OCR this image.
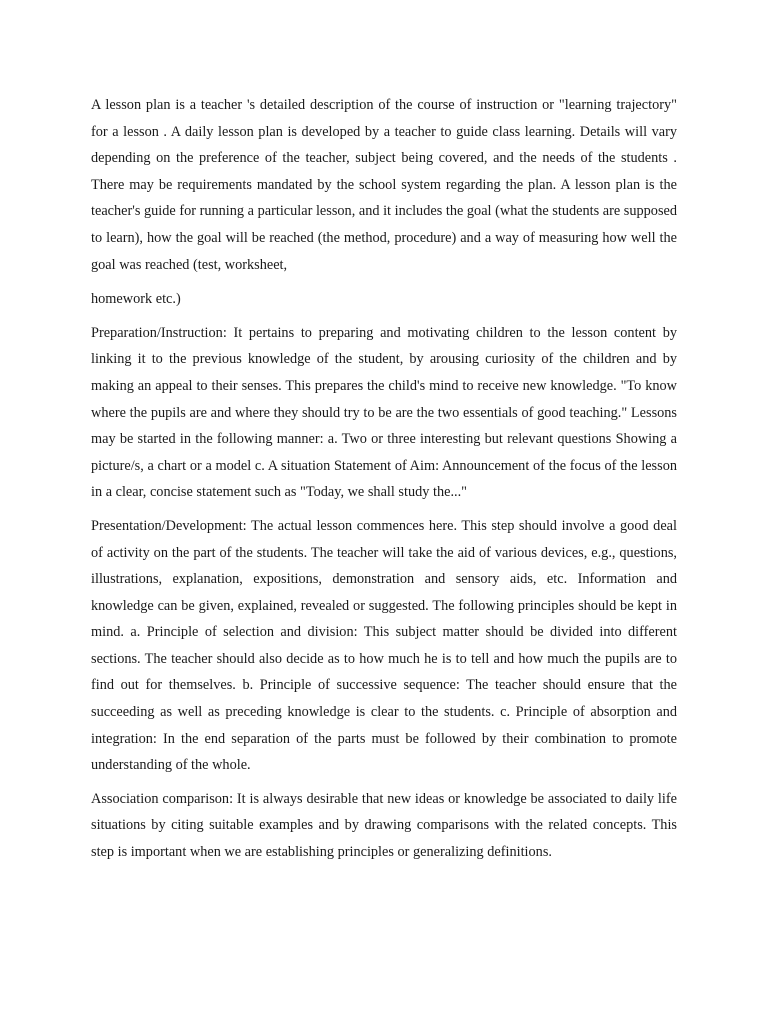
A lesson plan is a teacher 's detailed description of the course of instruction or "learning trajectory" for a lesson . A daily lesson plan is developed by a teacher to guide class learning. Details will vary depending on the preference of the teacher, subject being covered, and the needs of the students . There may be requirements mandated by the school system regarding the plan. A lesson plan is the teacher's guide for running a particular lesson, and it includes the goal (what the students are supposed to learn), how the goal will be reached (the method, procedure) and a way of measuring how well the goal was reached (test, worksheet,

homework etc.)

Preparation/Instruction: It pertains to preparing and motivating children to the lesson content by linking it to the previous knowledge of the student, by arousing curiosity of the children and by making an appeal to their senses. This prepares the child's mind to receive new knowledge. "To know where the pupils are and where they should try to be are the two essentials of good teaching." Lessons may be started in the following manner: a. Two or three interesting but relevant questions Showing a picture/s, a chart or a model c. A situation Statement of Aim: Announcement of the focus of the lesson in a clear, concise statement such as "Today, we shall study the..."

Presentation/Development: The actual lesson commences here. This step should involve a good deal of activity on the part of the students. The teacher will take the aid of various devices, e.g., questions, illustrations, explanation, expositions, demonstration and sensory aids, etc. Information and knowledge can be given, explained, revealed or suggested. The following principles should be kept in mind. a. Principle of selection and division: This subject matter should be divided into different sections. The teacher should also decide as to how much he is to tell and how much the pupils are to find out for themselves. b. Principle of successive sequence: The teacher should ensure that the succeeding as well as preceding knowledge is clear to the students. c. Principle of absorption and integration: In the end separation of the parts must be followed by their combination to promote understanding of the whole.

Association comparison: It is always desirable that new ideas or knowledge be associated to daily life situations by citing suitable examples and by drawing comparisons with the related concepts. This step is important when we are establishing principles or generalizing definitions.
